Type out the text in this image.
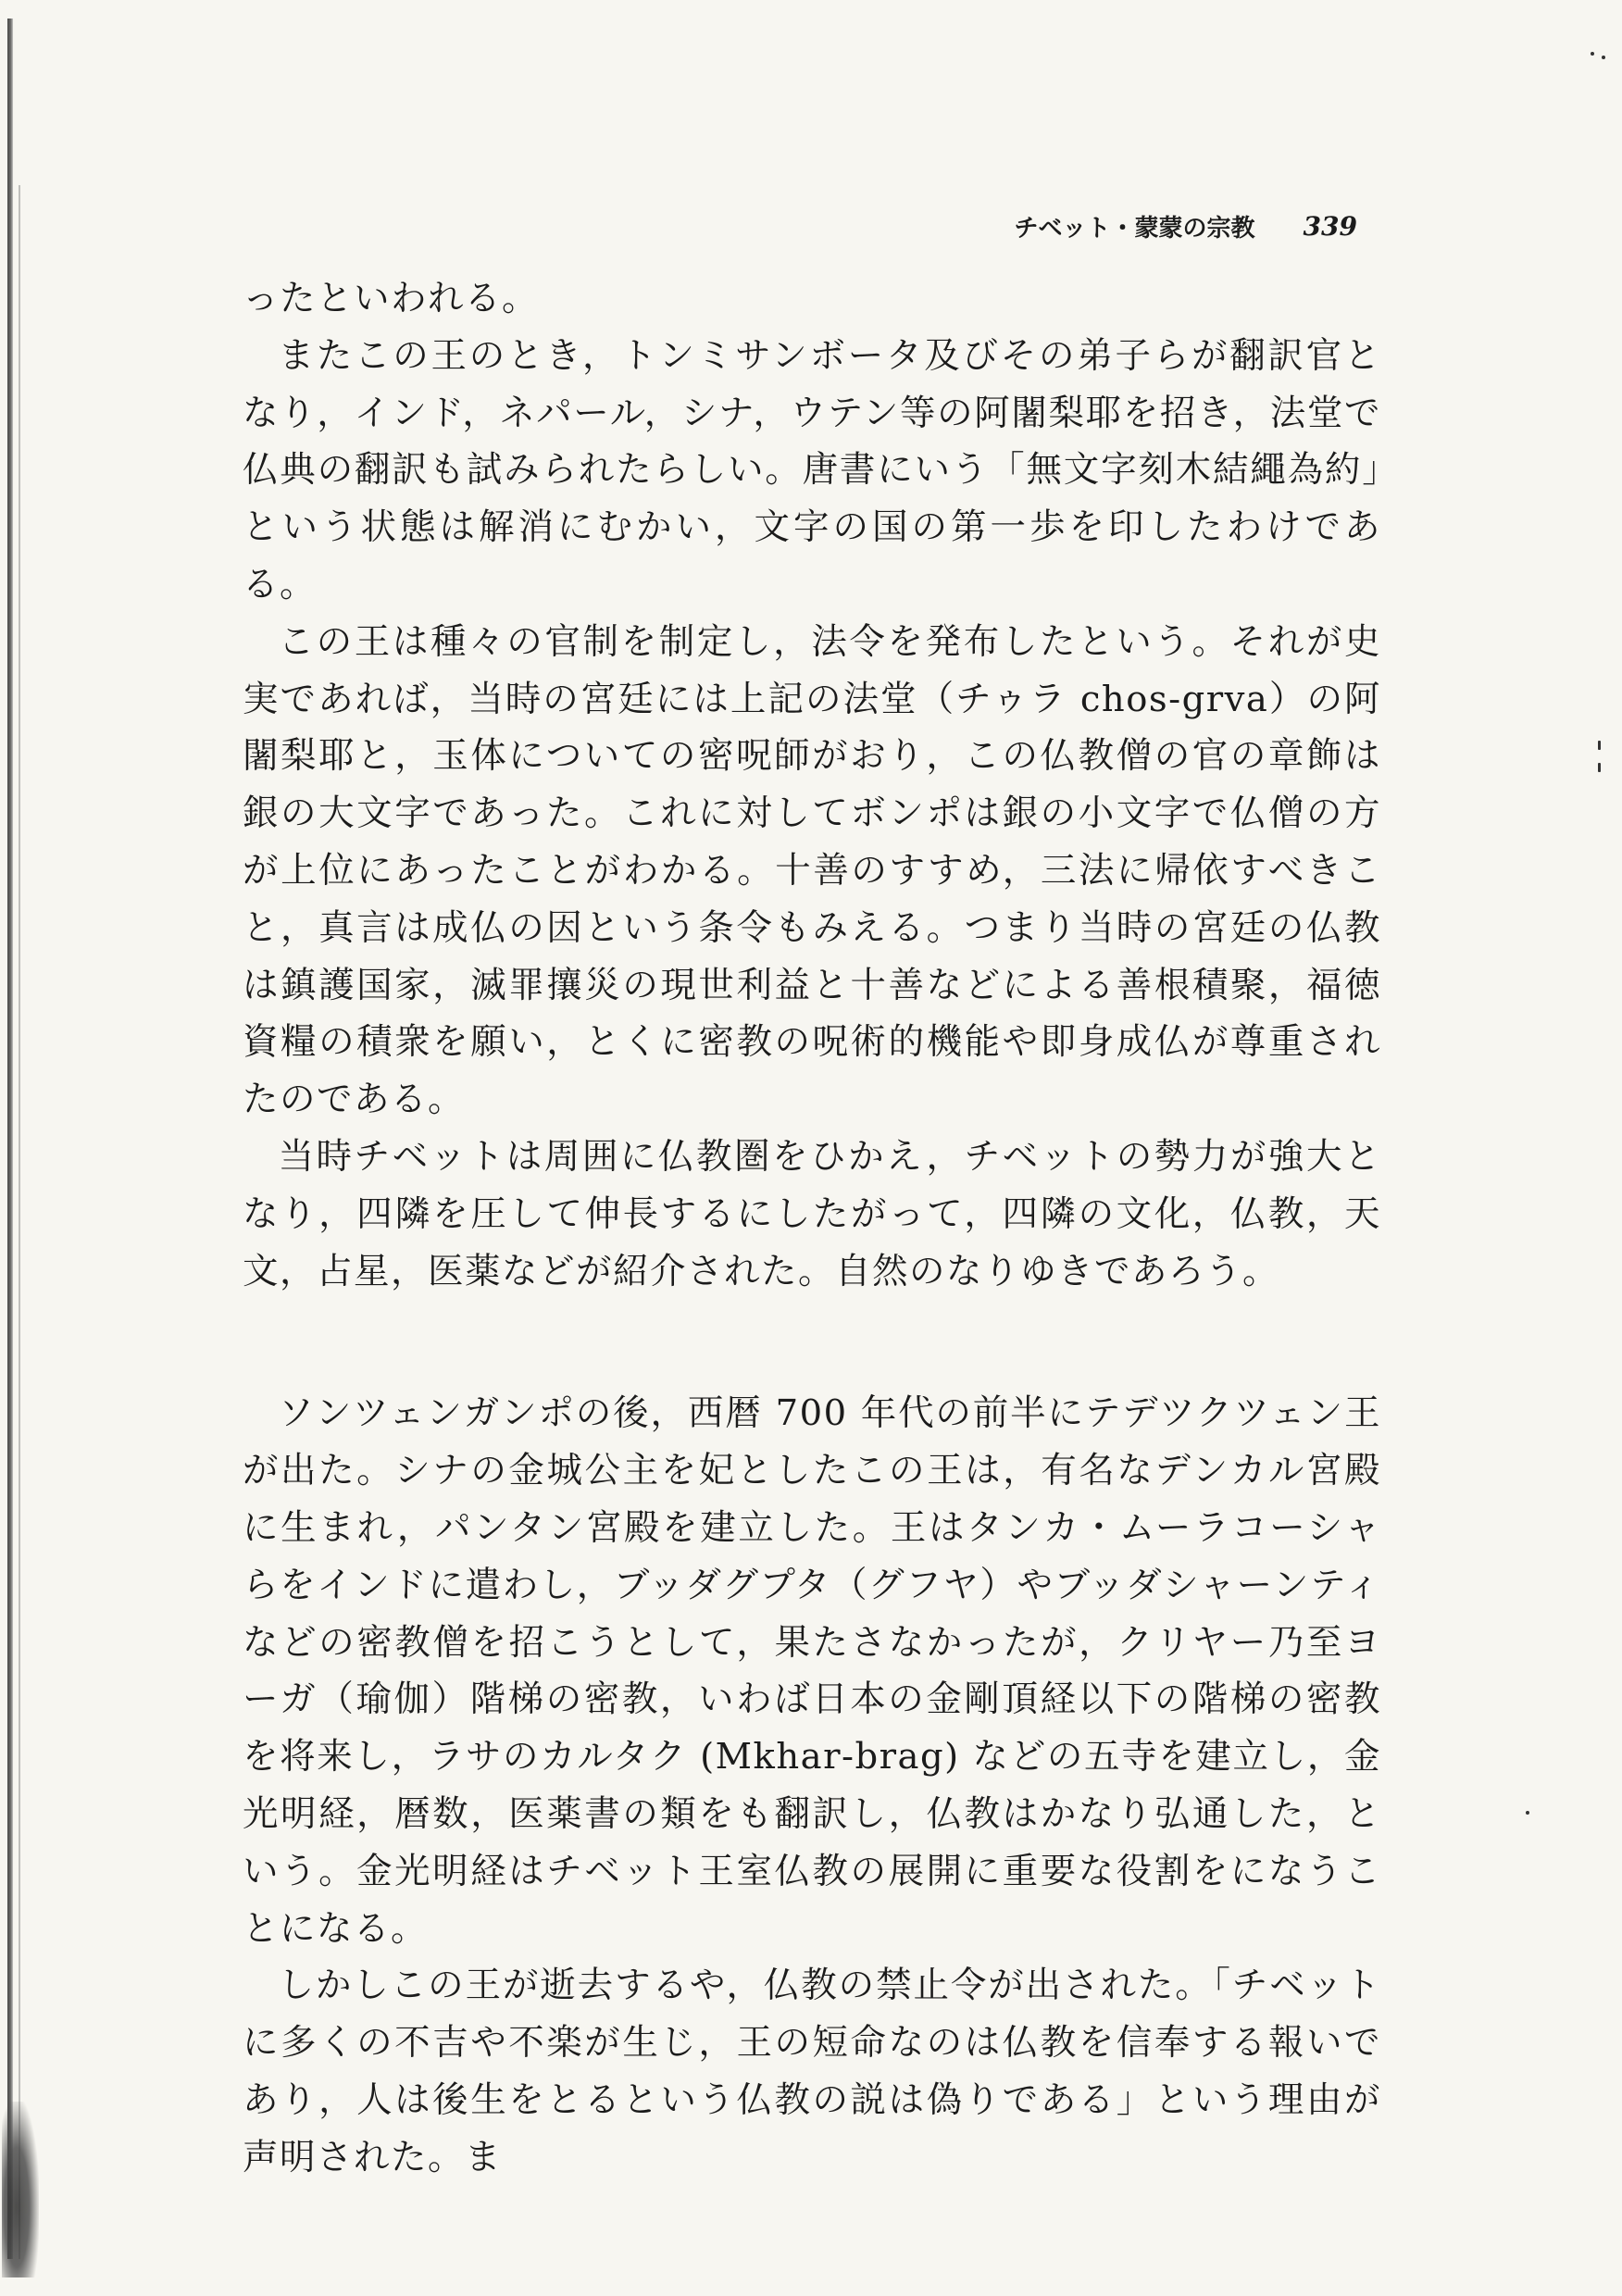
チベット・蒙蒙の宗教 339

ったといわれる。

またこの王のとき，トンミサンボータ及びその弟子らが翻訳官となり，インド，ネパール，シナ，ウテン等の阿闍梨耶を招き，法堂で仏典の翻訳も試みられたらしい。唐書にいう「無文字刻木結繩為約」という状態は解消にむかい，文字の国の第一歩を印したわけである。

この王は種々の官制を制定し，法令を発布したという。それが史実であれば，当時の宮廷には上記の法堂（チゥラ chos-grva）の阿闍梨耶と，玉体についての密呪師がおり，この仏教僧の官の章飾は銀の大文字であった。これに対してボンポは銀の小文字で仏僧の方が上位にあったことがわかる。十善のすすめ，三法に帰依すべきこと，真言は成仏の因という条令もみえる。つまり当時の宮廷の仏教は鎮護国家，滅罪攘災の現世利益と十善などによる善根積聚，福徳資糧の積衆を願い，とくに密教の呪術的機能や即身成仏が尊重されたのである。

当時チベットは周囲に仏教圏をひかえ，チベットの勢力が強大となり，四隣を圧して伸長するにしたがって，四隣の文化，仏教，天文，占星，医薬などが紹介された。自然のなりゆきであろう。

ソンツェンガンポの後，西暦 700 年代の前半にテデツクツェン王が出た。シナの金城公主を妃としたこの王は，有名なデンカル宮殿に生まれ，パンタン宮殿を建立した。王はタンカ・ムーラコーシャらをインドに遣わし，ブッダグプタ（グフヤ）やブッダシャーンティなどの密教僧を招こうとして，果たさなかったが，クリヤー乃至ヨーガ（瑜伽）階梯の密教，いわば日本の金剛頂経以下の階梯の密教を将来し，ラサのカルタク (Mkhar-brag) などの五寺を建立し，金光明経，暦数，医薬書の類をも翻訳し，仏教はかなり弘通した，という。金光明経はチベット王室仏教の展開に重要な役割をになうことになる。

しかしこの王が逝去するや，仏教の禁止令が出された。「チベットに多くの不吉や不楽が生じ，王の短命なのは仏教を信奉する報いであり，人は後生をとるという仏教の説は偽りである」という理由が声明された。ま
